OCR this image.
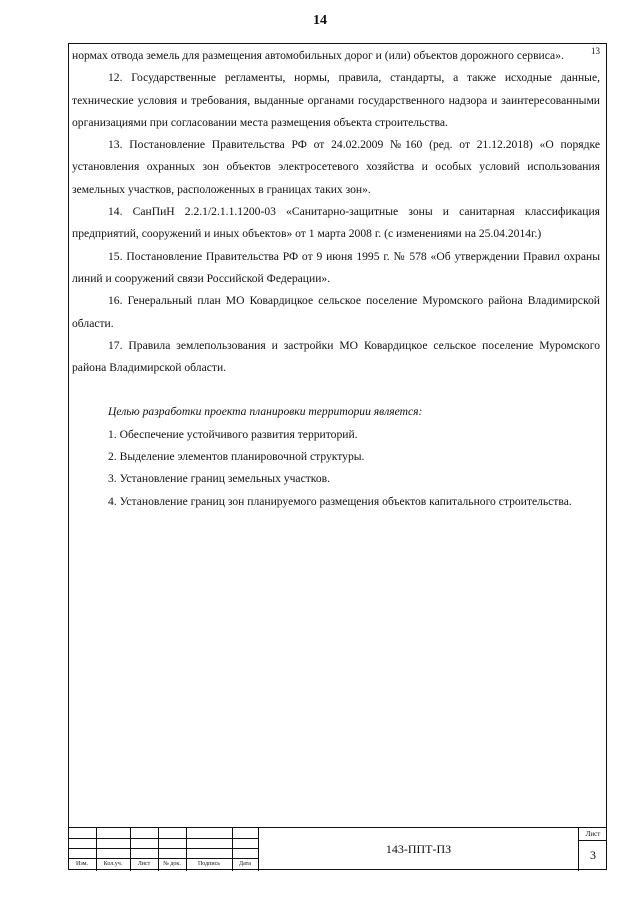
14
13

нормах отвода земель для размещения автомобильных дорог и (или) объектов дорожного сервиса».

12. Государственные регламенты, нормы, правила, стандарты, а также исходные данные, технические условия и требования, выданные органами государственного надзора и заинтересованными организациями при согласовании места размещения объекта строительства.

13. Постановление Правительства РФ от 24.02.2009 №160 (ред. от 21.12.2018) «О порядке установления охранных зон объектов электросетевого хозяйства и особых условий использования земельных участков, расположенных в границах таких зон».

14. СанПиН 2.2.1/2.1.1.1200-03 «Санитарно-защитные зоны и санитарная классификация предприятий, сооружений и иных объектов» от 1 марта 2008 г. (с изменениями на 25.04.2014г.)

15. Постановление Правительства РФ от 9 июня 1995 г. № 578 «Об утверждении Правил охраны линий и сооружений связи Российской Федерации».

16. Генеральный план МО Ковардицкое сельское поселение Муромского района Владимирской области.

17. Правила землепользования и застройки МО Ковардицкое сельское поселение Муромского района Владимирской области.

Целью разработки проекта планировки территории является:

1. Обеспечение устойчивого развития территорий.

2. Выделение элементов планировочной структуры.

3. Установление границ земельных участков.

4. Установление границ зон планируемого размещения объектов капитального строительства.

Изм.	Кол.уч.	Лист	№ док.	Подпись	Дата
143-ППТ-ПЗ
Лист
3
